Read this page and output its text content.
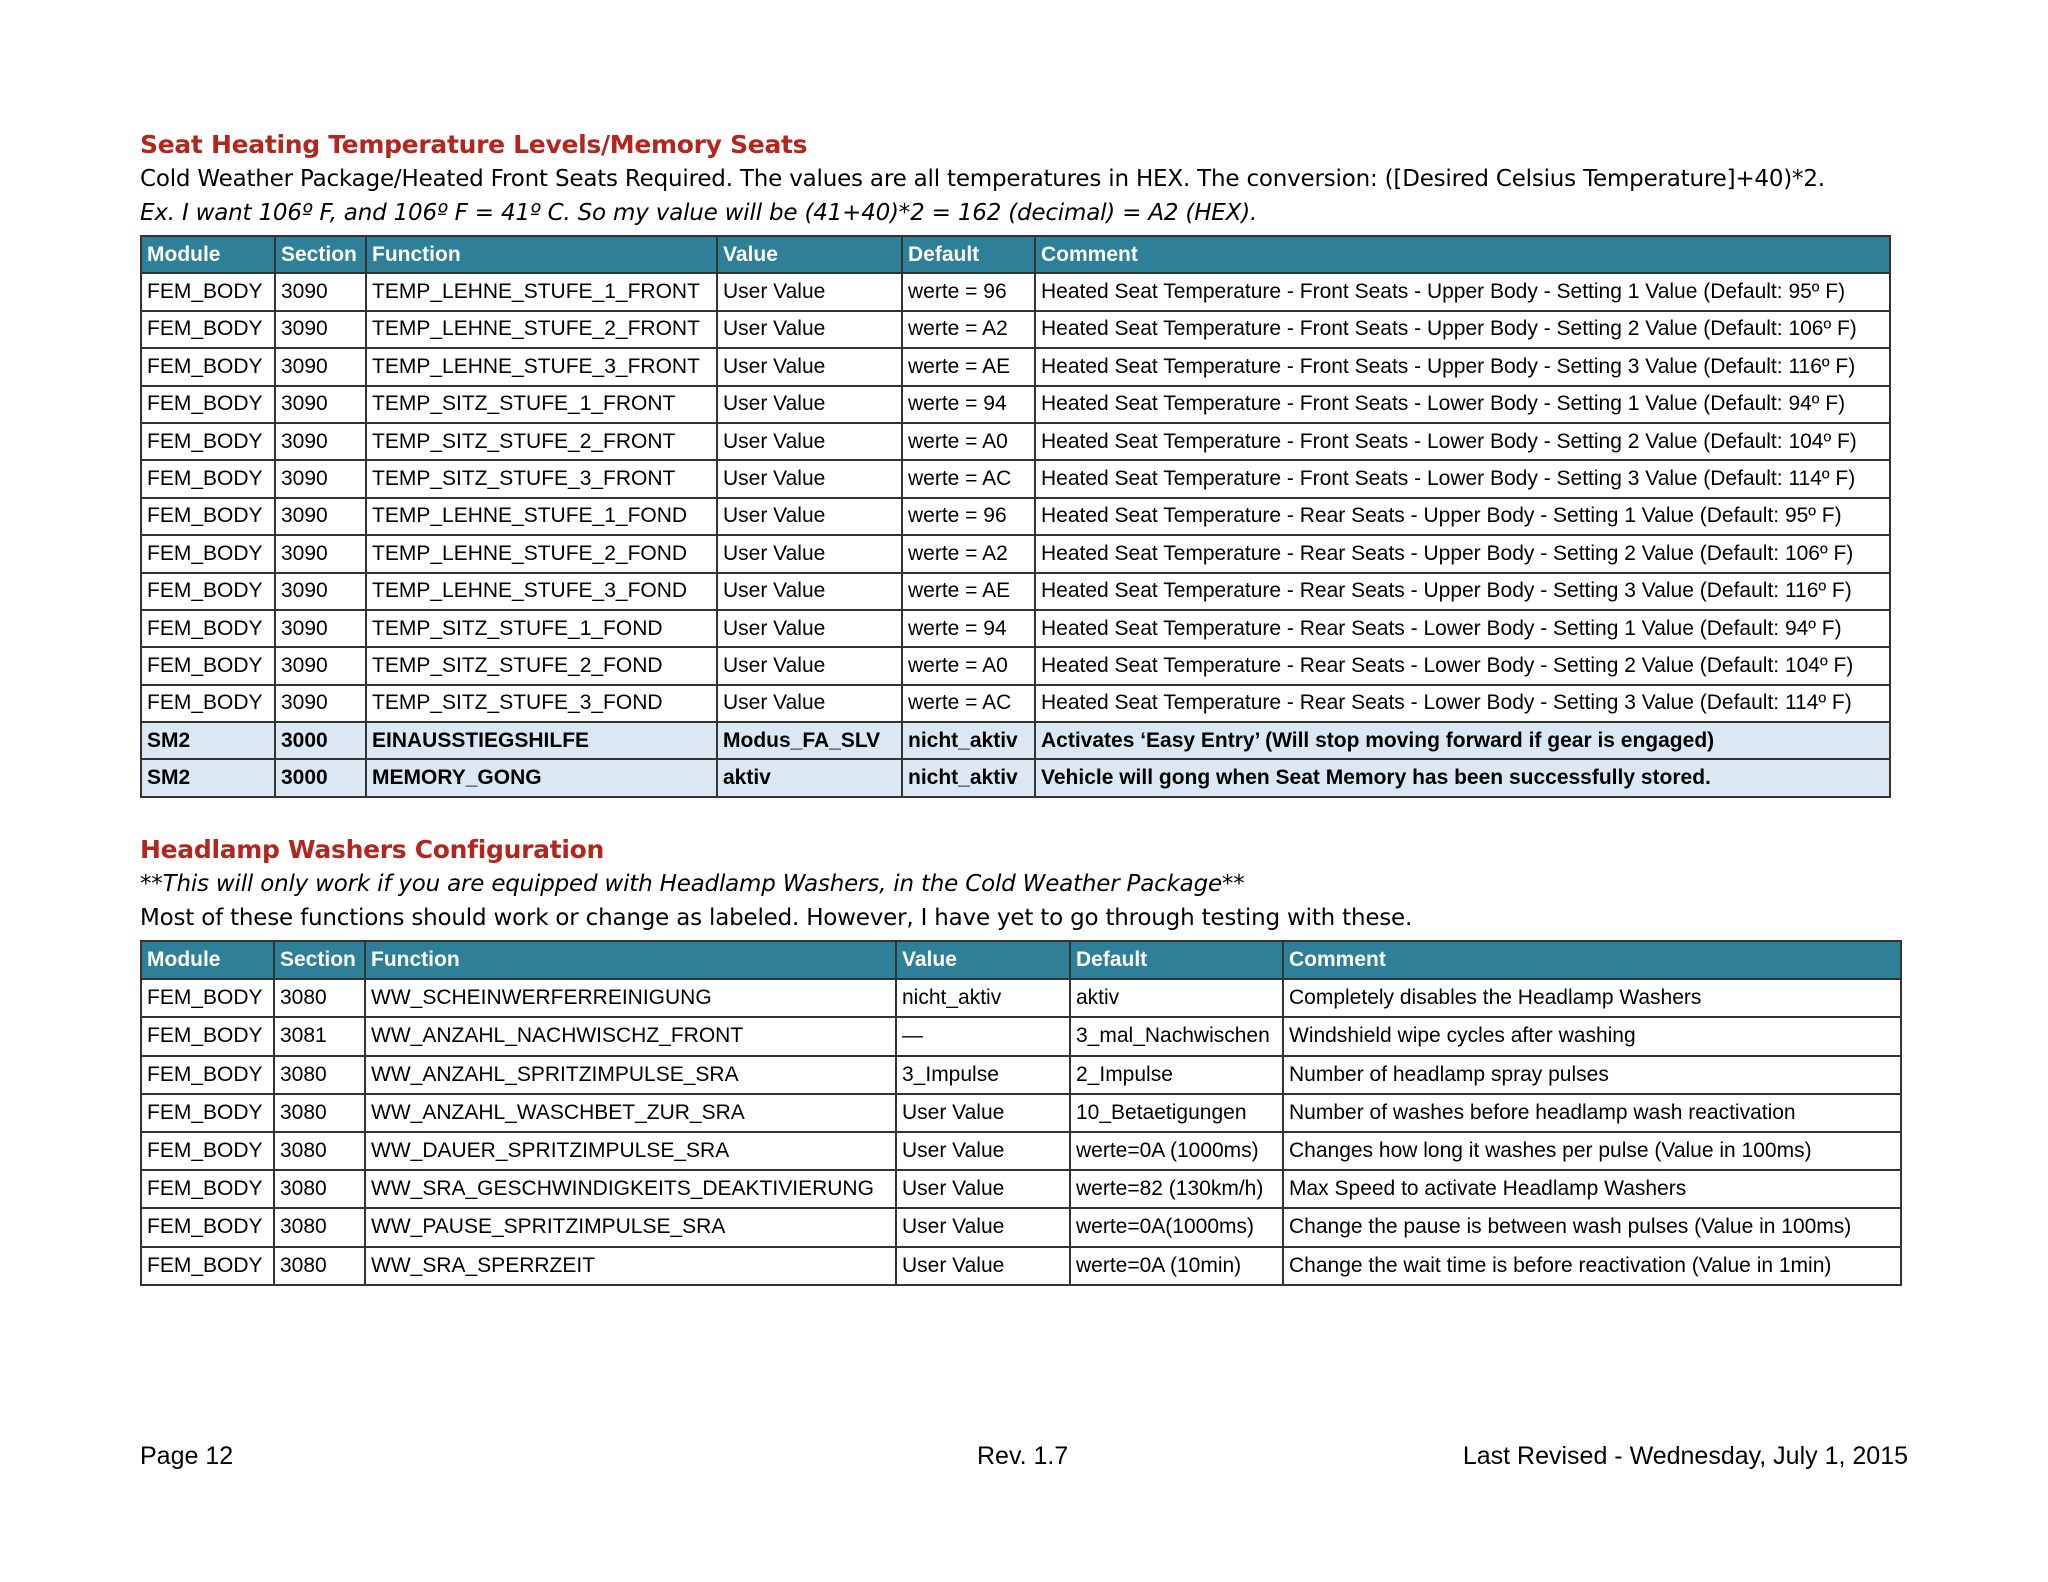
Seat Heating Temperature Levels/Memory Seats
Cold Weather Package/Heated Front Seats Required. The values are all temperatures in HEX. The conversion: ([Desired Celsius Temperature]+40)*2.
Ex. I want 106º F, and 106º F = 41º C. So my value will be (41+40)*2 = 162 (decimal) = A2 (HEX).
Module	Section	Function	Value	Default	Comment
FEM_BODY	3090	TEMP_LEHNE_STUFE_1_FRONT	User Value	werte = 96	Heated Seat Temperature - Front Seats - Upper Body - Setting 1 Value (Default: 95º F)
FEM_BODY	3090	TEMP_LEHNE_STUFE_2_FRONT	User Value	werte = A2	Heated Seat Temperature - Front Seats - Upper Body - Setting 2 Value (Default: 106º F)
FEM_BODY	3090	TEMP_LEHNE_STUFE_3_FRONT	User Value	werte = AE	Heated Seat Temperature - Front Seats - Upper Body - Setting 3 Value (Default: 116º F)
FEM_BODY	3090	TEMP_SITZ_STUFE_1_FRONT	User Value	werte = 94	Heated Seat Temperature - Front Seats - Lower Body - Setting 1 Value (Default: 94º F)
FEM_BODY	3090	TEMP_SITZ_STUFE_2_FRONT	User Value	werte = A0	Heated Seat Temperature - Front Seats - Lower Body - Setting 2 Value (Default: 104º F)
FEM_BODY	3090	TEMP_SITZ_STUFE_3_FRONT	User Value	werte = AC	Heated Seat Temperature - Front Seats - Lower Body - Setting 3 Value (Default: 114º F)
FEM_BODY	3090	TEMP_LEHNE_STUFE_1_FOND	User Value	werte = 96	Heated Seat Temperature - Rear Seats - Upper Body - Setting 1 Value (Default: 95º F)
FEM_BODY	3090	TEMP_LEHNE_STUFE_2_FOND	User Value	werte = A2	Heated Seat Temperature - Rear Seats - Upper Body - Setting 2 Value (Default: 106º F)
FEM_BODY	3090	TEMP_LEHNE_STUFE_3_FOND	User Value	werte = AE	Heated Seat Temperature - Rear Seats - Upper Body - Setting 3 Value (Default: 116º F)
FEM_BODY	3090	TEMP_SITZ_STUFE_1_FOND	User Value	werte = 94	Heated Seat Temperature - Rear Seats - Lower Body - Setting 1 Value (Default: 94º F)
FEM_BODY	3090	TEMP_SITZ_STUFE_2_FOND	User Value	werte = A0	Heated Seat Temperature - Rear Seats - Lower Body - Setting 2 Value (Default: 104º F)
FEM_BODY	3090	TEMP_SITZ_STUFE_3_FOND	User Value	werte = AC	Heated Seat Temperature - Rear Seats - Lower Body - Setting 3 Value (Default: 114º F)
SM2	3000	EINAUSSTIEGSHILFE	Modus_FA_SLV	nicht_aktiv	Activates ‘Easy Entry’ (Will stop moving forward if gear is engaged)
SM2	3000	MEMORY_GONG	aktiv	nicht_aktiv	Vehicle will gong when Seat Memory has been successfully stored.
Headlamp Washers Configuration
**This will only work if you are equipped with Headlamp Washers, in the Cold Weather Package**
Most of these functions should work or change as labeled. However, I have yet to go through testing with these.
Module	Section	Function	Value	Default	Comment
FEM_BODY	3080	WW_SCHEINWERFERREINIGUNG	nicht_aktiv	aktiv	Completely disables the Headlamp Washers
FEM_BODY	3081	WW_ANZAHL_NACHWISCHZ_FRONT	—	3_mal_Nachwischen	Windshield wipe cycles after washing
FEM_BODY	3080	WW_ANZAHL_SPRITZIMPULSE_SRA	3_Impulse	2_Impulse	Number of headlamp spray pulses
FEM_BODY	3080	WW_ANZAHL_WASCHBET_ZUR_SRA	User Value	10_Betaetigungen	Number of washes before headlamp wash reactivation
FEM_BODY	3080	WW_DAUER_SPRITZIMPULSE_SRA	User Value	werte=0A (1000ms)	Changes how long it washes per pulse (Value in 100ms)
FEM_BODY	3080	WW_SRA_GESCHWINDIGKEITS_DEAKTIVIERUNG	User Value	werte=82 (130km/h)	Max Speed to activate Headlamp Washers
FEM_BODY	3080	WW_PAUSE_SPRITZIMPULSE_SRA	User Value	werte=0A(1000ms)	Change the pause is between wash pulses (Value in 100ms)
FEM_BODY	3080	WW_SRA_SPERRZEIT	User Value	werte=0A (10min)	Change the wait time is before reactivation (Value in 1min)
Page 12	Rev. 1.7	Last Revised - Wednesday, July 1, 2015
